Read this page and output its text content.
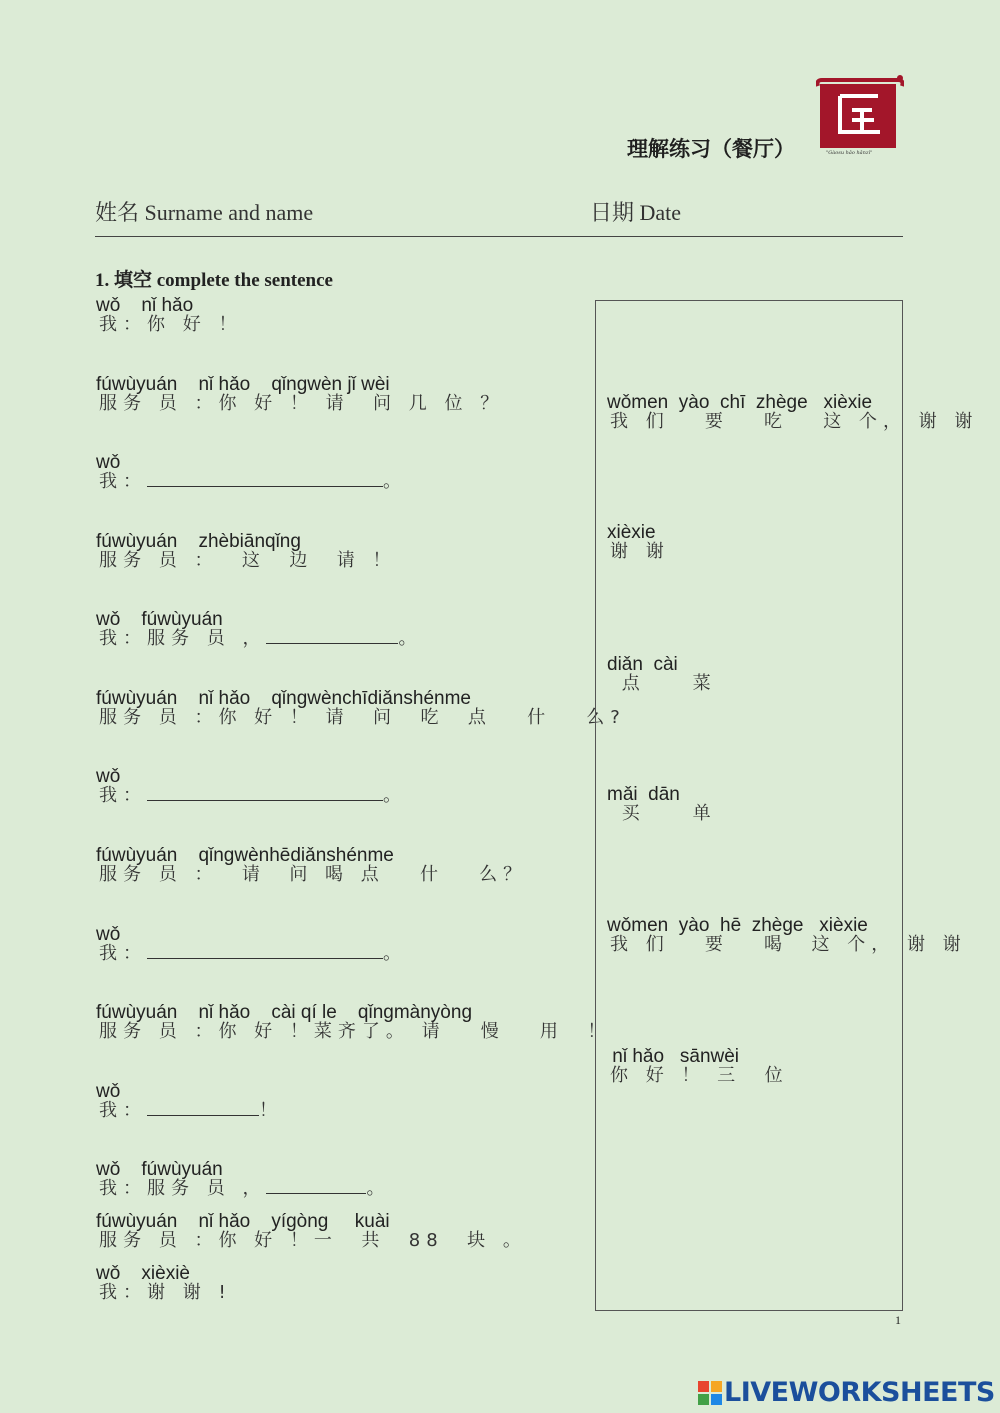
理解练习（餐厅）	"Gàosu hǎo hǎnzì"
姓名 Surname and name	日期 Date
1. 填空 complete the sentence
wǒ    nǐ hǎo
我：你 好 ！
fúwùyuán    nǐ hǎo    qǐngwèn jǐ wèi
服务 员 ：你 好 ！ 请  问 几 位 ？
wǒ
我：	。
fúwùyuán    zhèbiānqǐng
服务 员 ：  这  边  请 ！
wǒ    fúwùyuán
我：服务 员 ，	。
fúwùyuán    nǐ hǎo    qǐngwènchīdiǎnshénme
服务 员 ：你 好 ！ 请  问  吃  点   什   么?
wǒ
我：	。
fúwùyuán    qǐngwènhēdiǎnshénme
服务 员 ：  请  问 喝 点   什   么？
wǒ
我：	。
fúwùyuán    nǐ hǎo    cài qí le    qǐngmànyòng
服务 员 ：你 好 ！菜齐了。 请   慢   用  ！
wǒ
我：	！
wǒ    fúwùyuán
我：服务 员 ，	。
fúwùyuán    nǐ hǎo    yígòng     kuài
服务 员 ：你 好 ！一  共  88  块 。
wǒ    xièxiè
我：谢 谢 !
wǒmen  yào  chī  zhège   xièxie
我 们   要   吃   这 个， 谢 谢
xièxie
谢 谢
diǎn  cài
点    菜
mǎi  dān
买    单
wǒmen  yào  hē  zhège   xièxie
我 们   要   喝  这 个， 谢 谢
nǐ hǎo   sānwèi
你 好 ！ 三  位
1
LIVEWORKSHEETS
